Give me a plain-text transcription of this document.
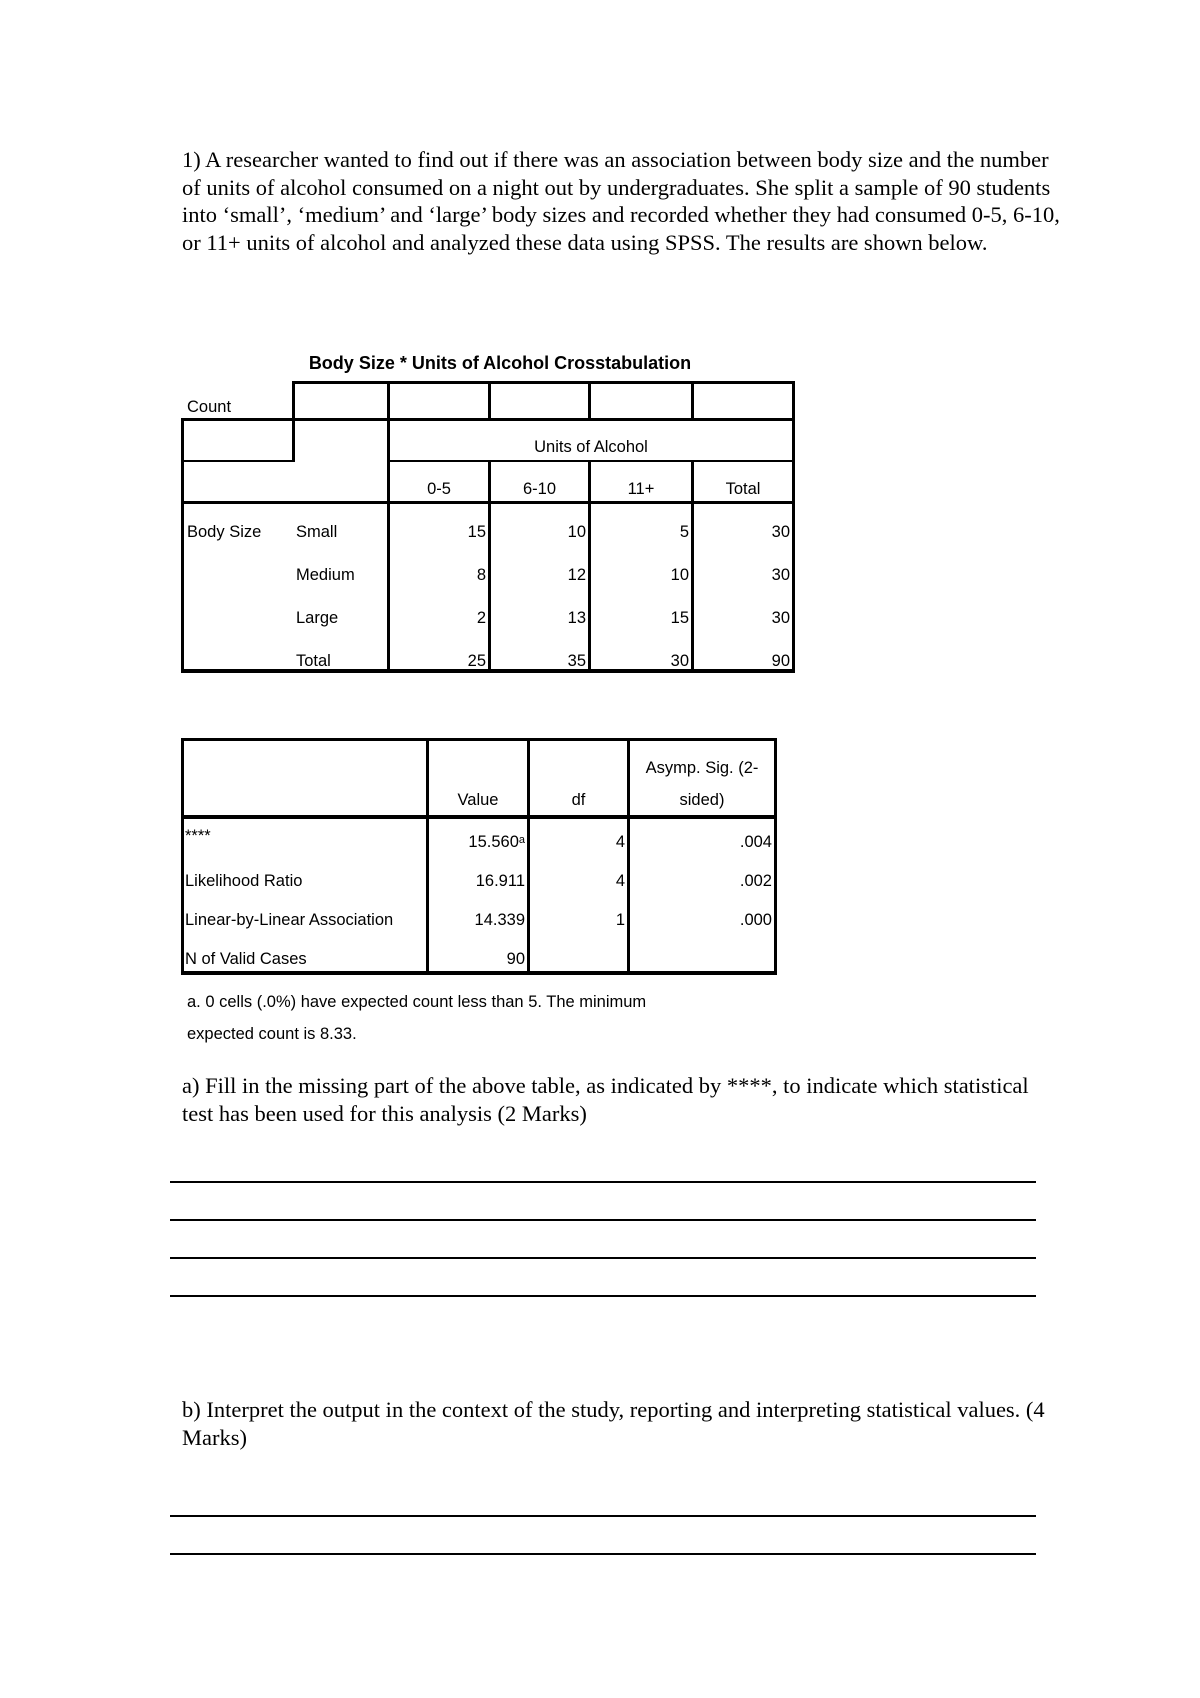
1) A researcher wanted to find out if there was an association between body size and the number of units of alcohol consumed on a night out by undergraduates. She split a sample of 90 students into ‘small’, ‘medium’ and ‘large’ body sizes and recorded whether they had consumed 0-5, 6-10, or 11+ units of alcohol and analyzed these data using SPSS. The results are shown below.
Body Size * Units of Alcohol Crosstabulation
Count
Units of Alcohol
0-5	6-10	11+	Total
Body Size Small	15	10	5	30
Medium	8	12	10	30
Large	2	13	15	30
Total	25	35	30	90
Value	df
Asymp. Sig. (2-
sided)
****	15.560$^a$	4	.004
Likelihood Ratio	16.911	4	.002
Linear-by-Linear Association	14.339	1	.000
N of Valid Cases	90
a. 0 cells (.0%) have expected count less than 5. The minimum
expected count is 8.33.
a) Fill in the missing part of the above table, as indicated by ****, to indicate which statistical test has been used for this analysis (2 Marks)
b) Interpret the output in the context of the study, reporting and interpreting statistical values. (4 Marks)
